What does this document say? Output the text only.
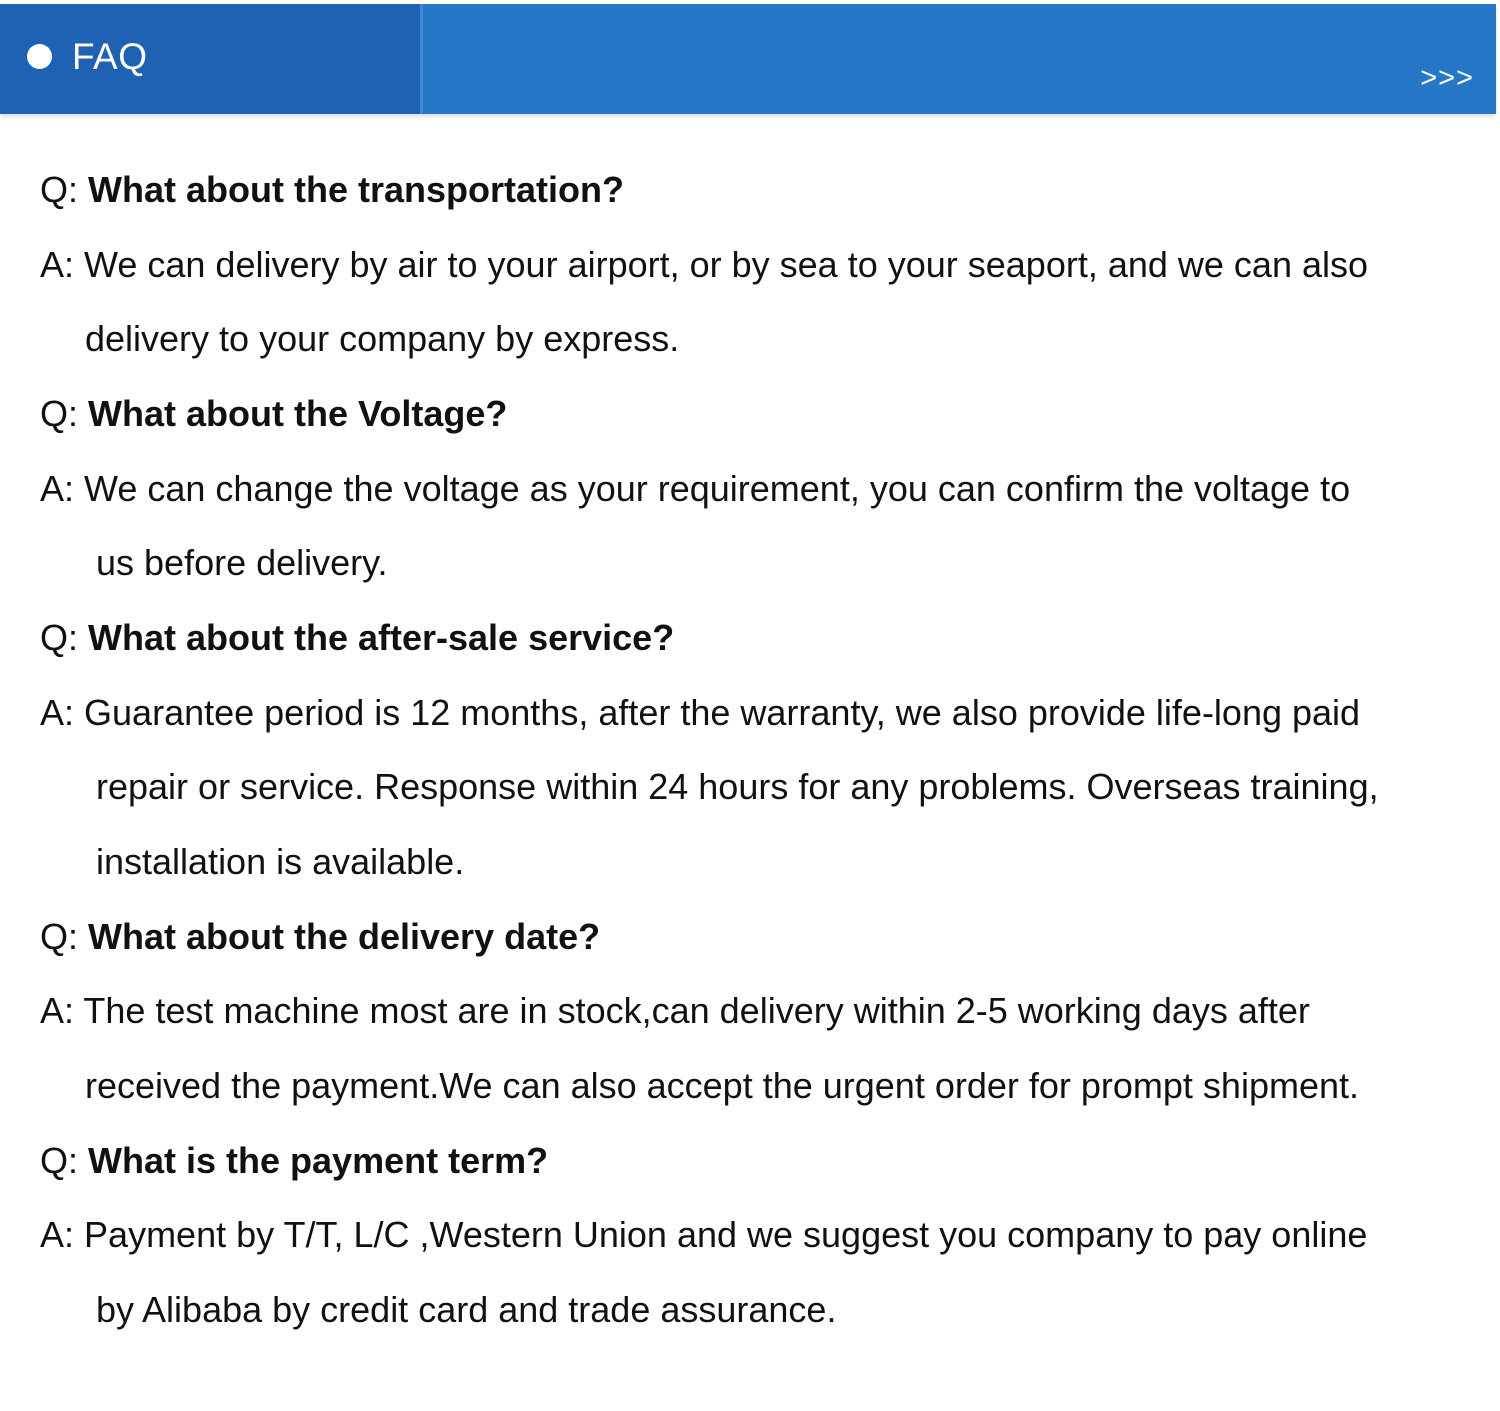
FAQ
>>>
Q: What about the transportation?
A: We can delivery by air to your airport, or by sea to your seaport, and we can also
delivery to your company by express.
Q: What about the Voltage?
A: We can change the voltage as your requirement, you can confirm the voltage to
us before delivery.
Q: What about the after-sale service?
A: Guarantee period is 12 months, after the warranty, we also provide life-long paid
repair or service. Response within 24 hours for any problems. Overseas training,
installation is available.
Q: What about the delivery date?
A: The test machine most are in stock,can delivery within 2-5 working days after
received the payment.We can also accept the urgent order for prompt shipment.
Q: What is the payment term?
A: Payment by T/T, L/C ,Western Union and we suggest you company to pay online
by Alibaba by credit card and trade assurance.
